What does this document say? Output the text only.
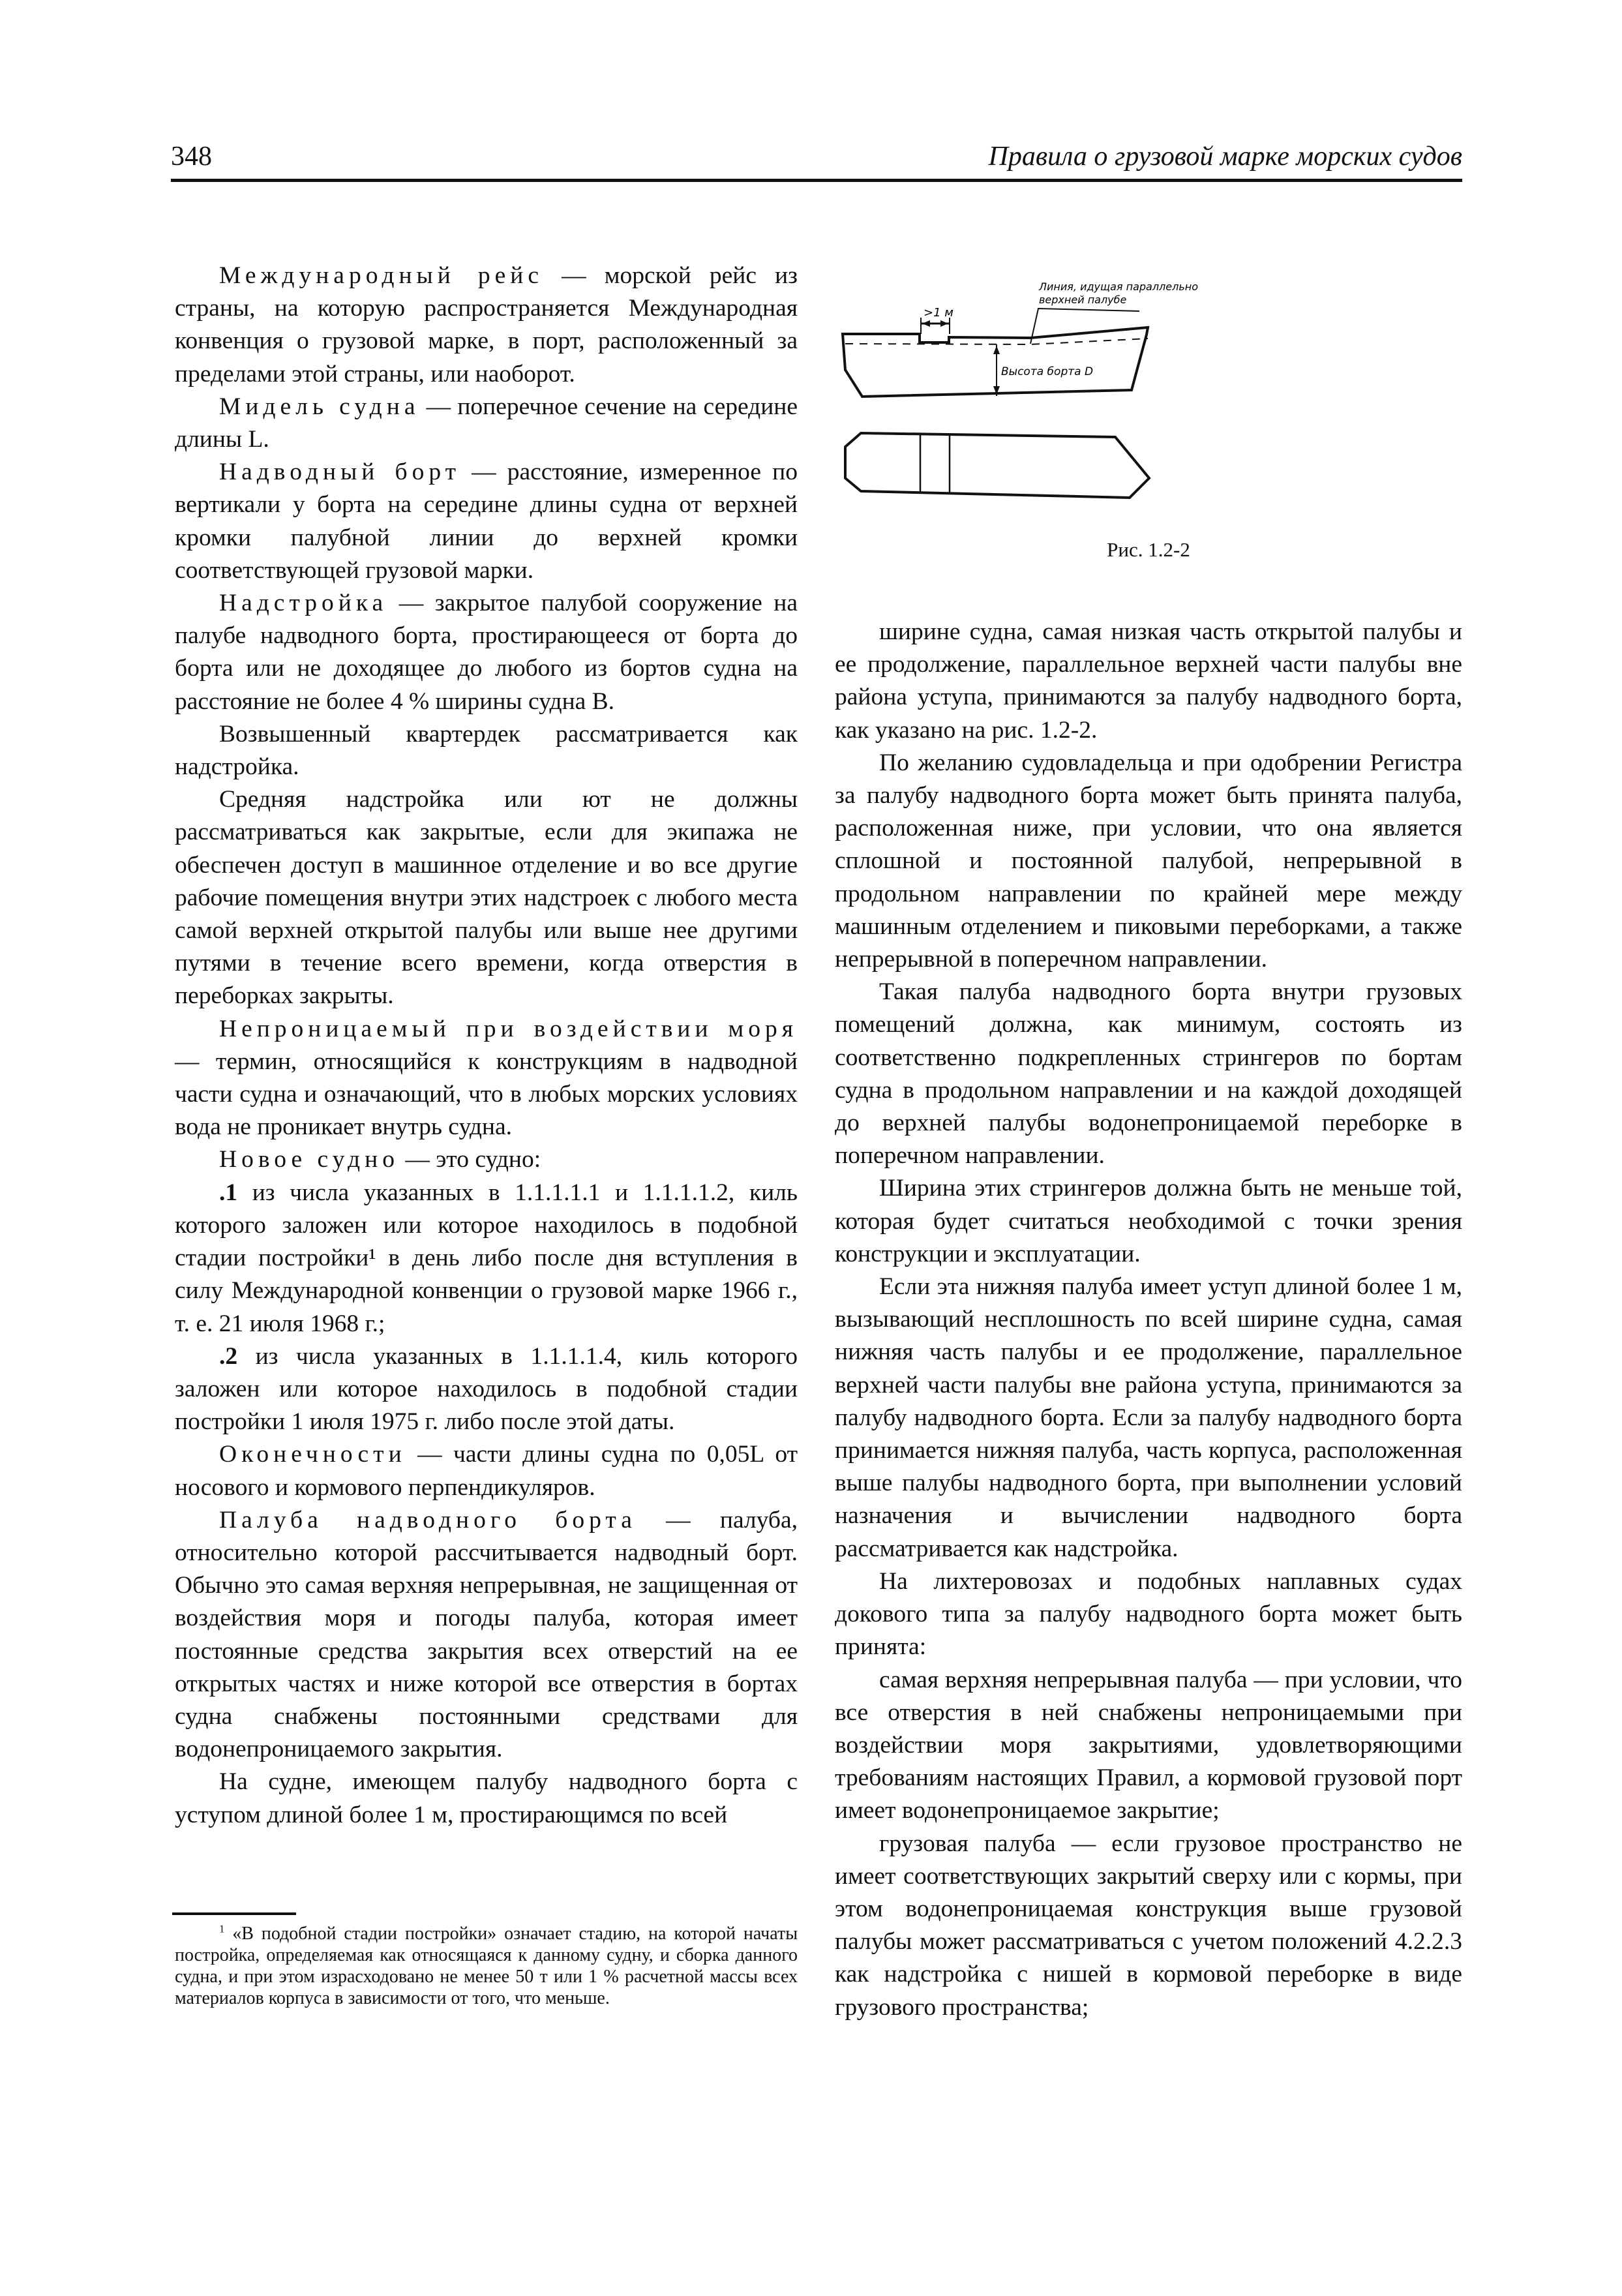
348	Правила о грузовой марке морских судов

Международный рейс — морской рейс из страны, на которую распространяется Международная конвенция о грузовой марке, в порт, расположенный за пределами этой страны, или наоборот.

Мидель судна — поперечное сечение на середине длины L.

Надводный борт — расстояние, измеренное по вертикали у борта на середине длины судна от верхней кромки палубной линии до верхней кромки соответствующей грузовой марки.

Надстройка — закрытое палубой сооружение на палубе надводного борта, простирающееся от борта до борта или не доходящее до любого из бортов судна на расстояние не более 4 % ширины судна B.

Возвышенный квартердек рассматривается как надстройка.

Средняя надстройка или ют не должны рассматриваться как закрытые, если для экипажа не обеспечен доступ в машинное отделение и во все другие рабочие помещения внутри этих надстроек с любого места самой верхней открытой палубы или выше нее другими путями в течение всего времени, когда отверстия в переборках закрыты.

Непроницаемый при воздействии моря — термин, относящийся к конструкциям в надводной части судна и означающий, что в любых морских условиях вода не проникает внутрь судна.

Новое судно — это судно:

.1 из числа указанных в 1.1.1.1.1 и 1.1.1.1.2, киль которого заложен или которое находилось в подобной стадии постройки¹ в день либо после дня вступления в силу Международной конвенции о грузовой марке 1966 г., т. е. 21 июля 1968 г.;

.2 из числа указанных в 1.1.1.1.4, киль которого заложен или которое находилось в подобной стадии постройки 1 июля 1975 г. либо после этой даты.

Оконечности — части длины судна по 0,05L от носового и кормового перпендикуляров.

Палуба надводного борта — палуба, относительно которой рассчитывается надводный борт. Обычно это самая верхняя непрерывная, не защищенная от воздействия моря и погоды палуба, которая имеет постоянные средства закрытия всех отверстий на ее открытых частях и ниже которой все отверстия в бортах судна снабжены постоянными средствами для водонепроницаемого закрытия.

На судне, имеющем палубу надводного борта с уступом длиной более 1 м, простирающимся по всей

ширине судна, самая низкая часть открытой палубы и ее продолжение, параллельное верхней части палубы вне района уступа, принимаются за палубу надводного борта, как указано на рис. 1.2-2.

По желанию судовладельца и при одобрении Регистра за палубу надводного борта может быть принята палуба, расположенная ниже, при условии, что она является сплошной и постоянной палубой, непрерывной в продольном направлении по крайней мере между машинным отделением и пиковыми переборками, а также непрерывной в поперечном направлении.

Такая палуба надводного борта внутри грузовых помещений должна, как минимум, состоять из соответственно подкрепленных стрингеров по бортам судна в продольном направлении и на каждой доходящей до верхней палубы водонепроницаемой переборке в поперечном направлении.

Ширина этих стрингеров должна быть не меньше той, которая будет считаться необходимой с точки зрения конструкции и эксплуатации.

Если эта нижняя палуба имеет уступ длиной более 1 м, вызывающий несплошность по всей ширине судна, самая нижняя часть палубы и ее продолжение, параллельное верхней части палубы вне района уступа, принимаются за палубу надводного борта. Если за палубу надводного борта принимается нижняя палуба, часть корпуса, расположенная выше палубы надводного борта, при выполнении условий назначения и вычислении надводного борта рассматривается как надстройка.

На лихтеровозах и подобных наплавных судах докового типа за палубу надводного борта может быть принята:

самая верхняя непрерывная палуба — при условии, что все отверстия в ней снабжены непроницаемыми при воздействии моря закрытиями, удовлетворяющими требованиям настоящих Правил, а кормовой грузовой порт имеет водонепроницаемое закрытие;

грузовая палуба — если грузовое пространство не имеет соответствующих закрытий сверху или с кормы, при этом водонепроницаемая конструкция выше грузовой палубы может рассматриваться с учетом положений 4.2.2.3 как надстройка с нишей в кормовой переборке в виде грузового пространства;

>1 м
Линия, идущая параллельно
верхней палубе
Высота борта D
Рис. 1.2-2

$^1$ «В подобной стадии постройки» означает стадию, на которой начаты постройка, определяемая как относящаяся к данному судну, и сборка данного судна, и при этом израсходовано не менее 50 т или 1 % расчетной массы всех материалов корпуса в зависимости от того, что меньше.
